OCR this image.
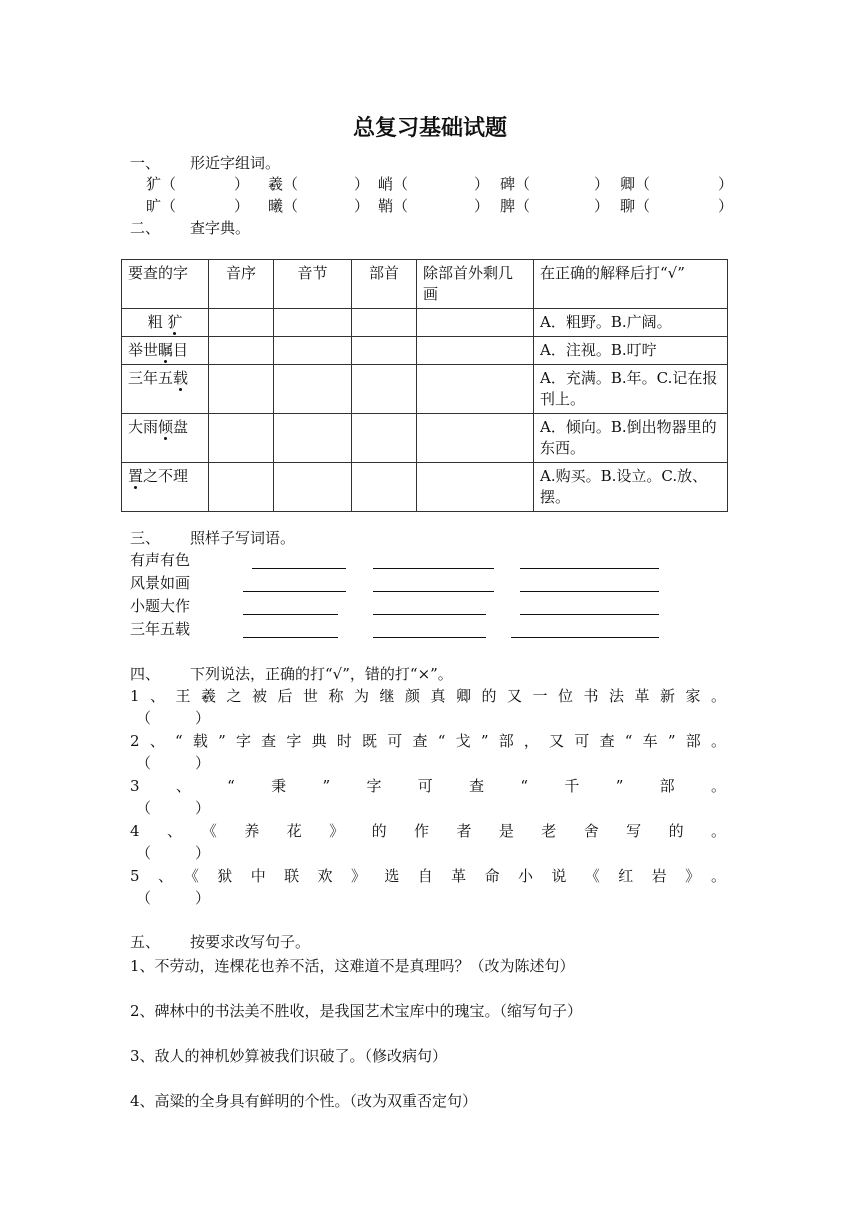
总复习基础试题
一、 形近字组词。
犷（	） 羲（	） 峭（	） 碑（	） 卿（	）
旷（	） 曦（	） 鞘（	） 脾（	） 聊（	）
二、 查字典。
要查的字	音序	音节	部首	除部首外剩几画	在正确的解释后打“√”
粗 犷					A．粗野。B.广阔。
举世瞩目					A．注视。B.叮咛
三年五载					A．充满。B.年。C.记在报刊上。
大雨倾盘					A．倾向。B.倒出物器里的东西。
置之不理					A.购买。B.设立。C.放、摆。
三、 照样子写词语。
有声有色
风景如画
小题大作
三年五载
四、 下列说法，正确的打“√”，错的打“×”。
1、王羲之被后世称为继颜真卿的又一位书法革新家。
（	）
2、“载”字查字典时既可查“戈”部，又可查“车”部。
（	）
3、“秉”字可查“千”部。
（	）
4、《养花》的作者是老舍写的。
（	）
5、《狱中联欢》选自革命小说《红岩》。
（	）
五、 按要求改写句子。
1、不劳动，连棵花也养不活，这难道不是真理吗？（改为陈述句）
2、碑林中的书法美不胜收，是我国艺术宝库中的瑰宝。（缩写句子）
3、敌人的神机妙算被我们识破了。（修改病句）
4、高粱的全身具有鲜明的个性。（改为双重否定句）
